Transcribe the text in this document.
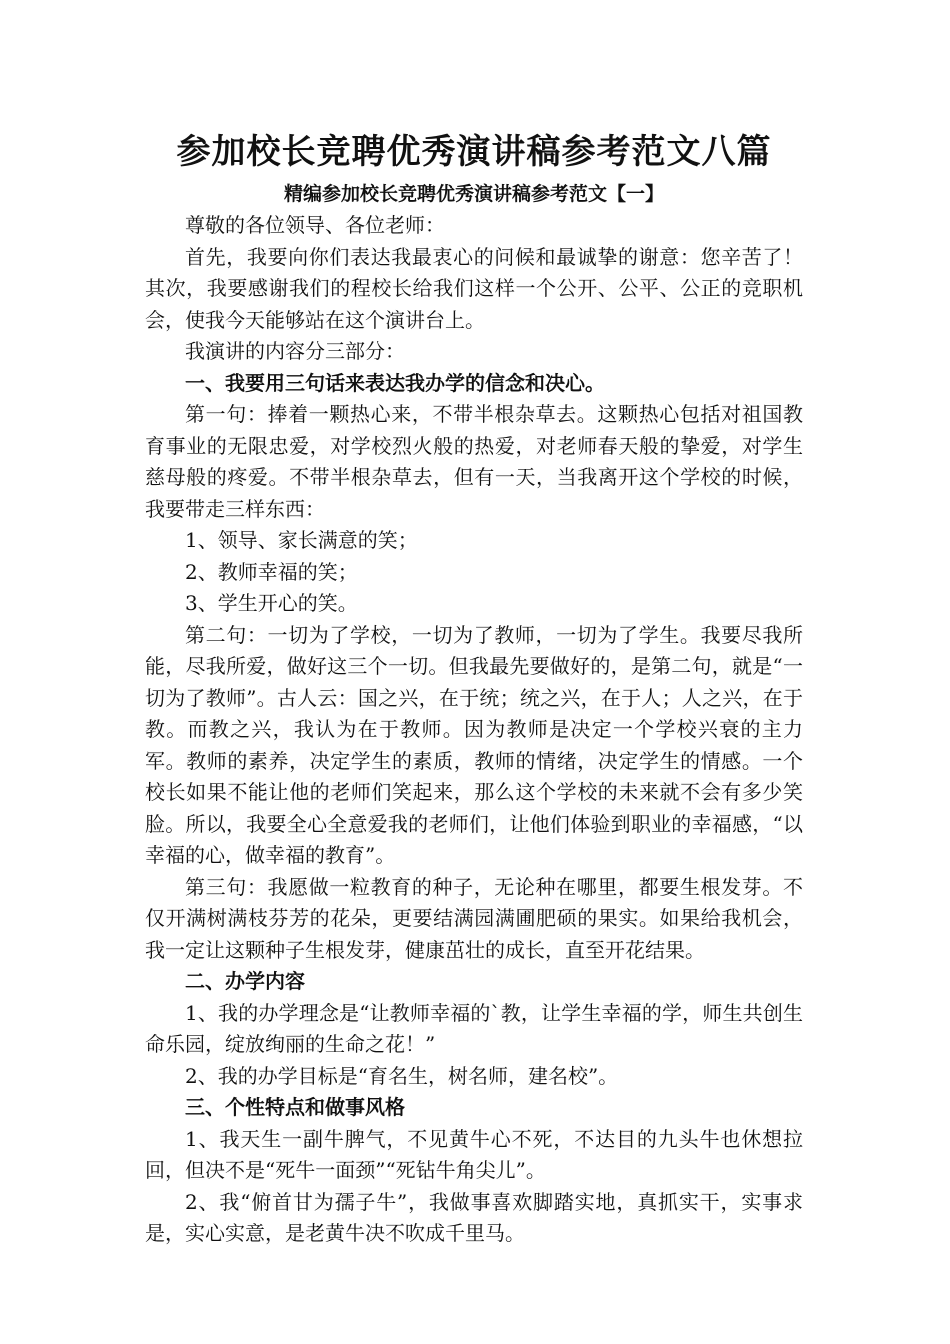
参加校长竞聘优秀演讲稿参考范文八篇
精编参加校长竞聘优秀演讲稿参考范文【一】

尊敬的各位领导、各位老师：

首先，我要向你们表达我最衷心的问候和最诚挚的谢意：您辛苦了！其次，我要感谢我们的程校长给我们这样一个公开、公平、公正的竞职机会，使我今天能够站在这个演讲台上。

我演讲的内容分三部分：

一、我要用三句话来表达我办学的信念和决心。

第一句：捧着一颗热心来，不带半根杂草去。这颗热心包括对祖国教育事业的无限忠爱，对学校烈火般的热爱，对老师春天般的挚爱，对学生慈母般的疼爱。不带半根杂草去，但有一天，当我离开这个学校的时候，我要带走三样东西：

1、领导、家长满意的笑；

2、教师幸福的笑；

3、学生开心的笑。

第二句：一切为了学校，一切为了教师，一切为了学生。我要尽我所能，尽我所爱，做好这三个一切。但我最先要做好的，是第二句，就是“一切为了教师”。古人云：国之兴，在于统；统之兴，在于人；人之兴，在于教。而教之兴，我认为在于教师。因为教师是决定一个学校兴衰的主力军。教师的素养，决定学生的素质，教师的情绪，决定学生的情感。一个校长如果不能让他的老师们笑起来，那么这个学校的未来就不会有多少笑脸。所以，我要全心全意爱我的老师们，让他们体验到职业的幸福感，“以幸福的心，做幸福的教育”。

第三句：我愿做一粒教育的种子，无论种在哪里，都要生根发芽。不仅开满树满枝芬芳的花朵，更要结满园满圃肥硕的果实。如果给我机会，我一定让这颗种子生根发芽，健康茁壮的成长，直至开花结果。

二、办学内容

1、我的办学理念是“让教师幸福的`教，让学生幸福的学，师生共创生命乐园，绽放绚丽的生命之花！”

2、我的办学目标是“育名生，树名师，建名校”。

三、个性特点和做事风格

1、我天生一副牛脾气，不见黄牛心不死，不达目的九头牛也休想拉回，但决不是“死牛一面颈”“死钻牛角尖儿”。

2、我“俯首甘为孺子牛”，我做事喜欢脚踏实地，真抓实干，实事求是，实心实意，是老黄牛决不吹成千里马。
